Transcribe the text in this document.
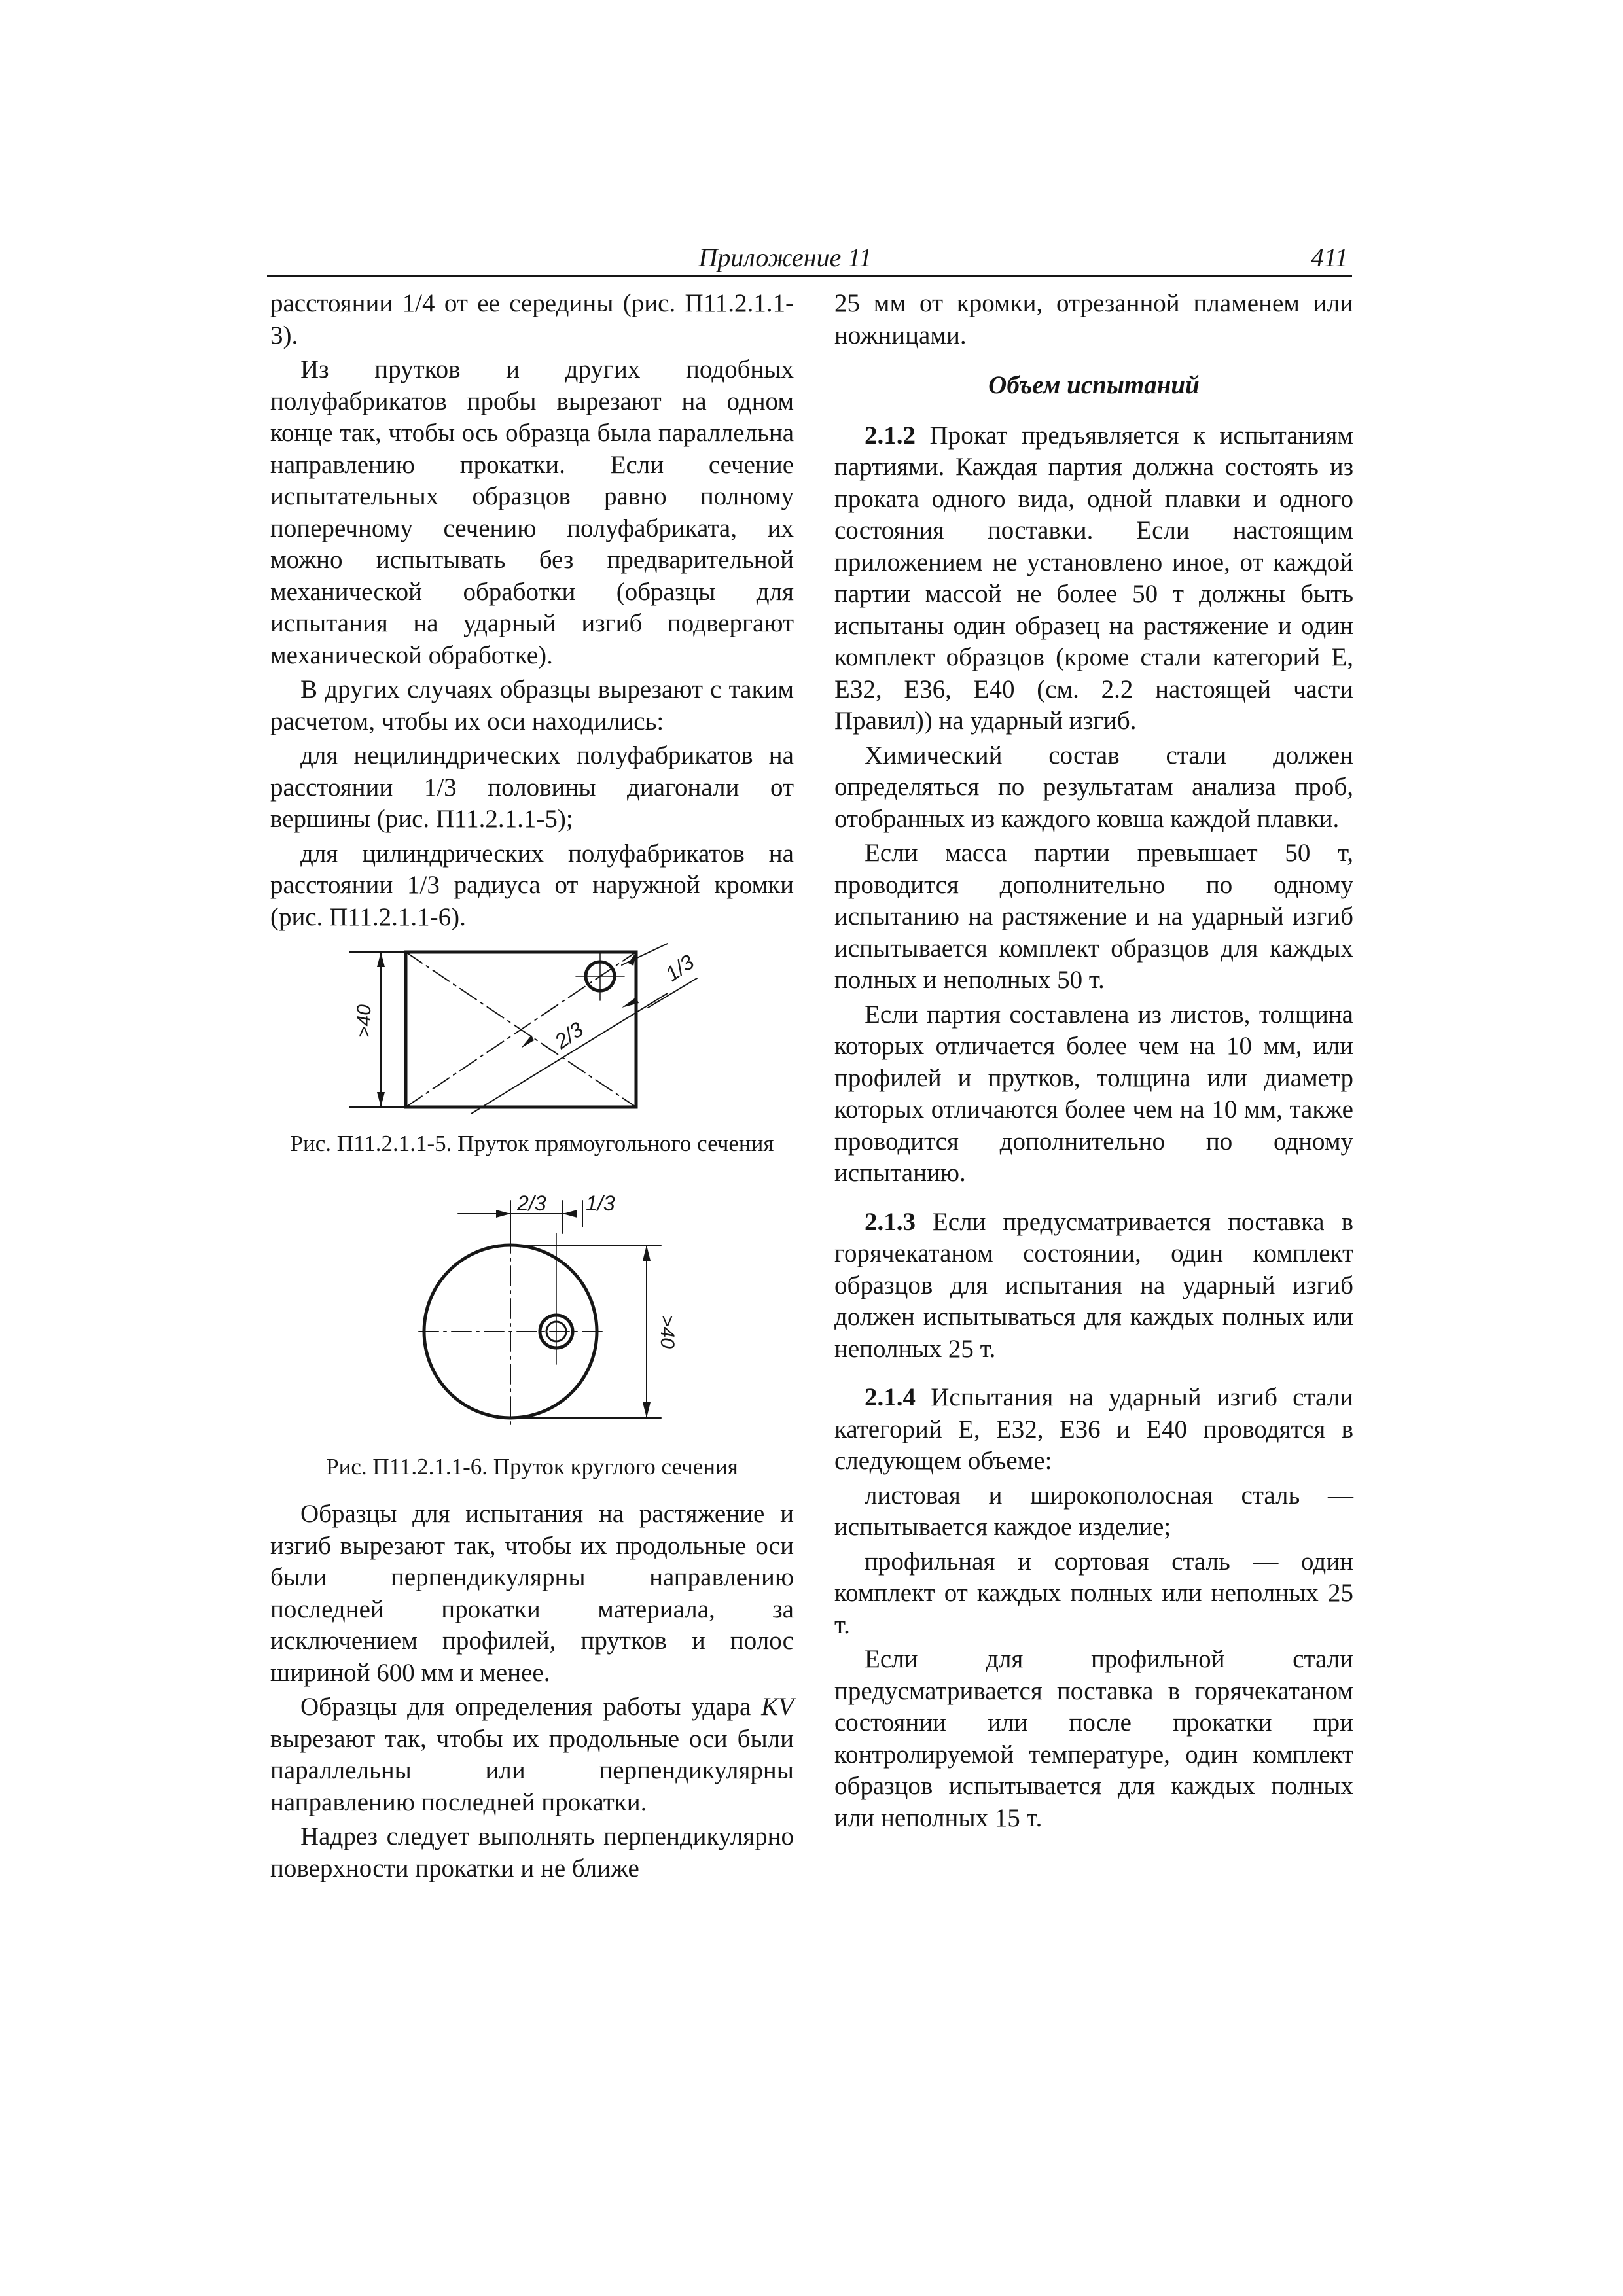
Приложение 11	411

расстоянии 1/4 от ее середины (рис. П11.2.1.1-3).

Из прутков и других подобных полуфабрикатов пробы вырезают на одном конце так, чтобы ось образца была параллельна направлению прокатки. Если сечение испытательных образцов равно полному поперечному сечению полуфабриката, их можно испытывать без предварительной механической обработки (образцы для испытания на ударный изгиб подвергают механической обработке).

В других случаях образцы вырезают с таким расчетом, чтобы их оси находились:

для нецилиндрических полуфабрикатов на расстоянии 1/3 половины диагонали от вершины (рис. П11.2.1.1-5);

для цилиндрических полуфабрикатов на расстоянии 1/3 радиуса от наружной кромки (рис. П11.2.1.1-6).

>40	2/3
1/3
Рис. П11.2.1.1-5. Пруток прямоугольного сечения
2/3 1/3
>40
Рис. П11.2.1.1-6. Пруток круглого сечения

Образцы для испытания на растяжение и изгиб вырезают так, чтобы их продольные оси были перпендикулярны направлению последней прокатки материала, за исключением профилей, прутков и полос шириной 600 мм и менее.

Образцы для определения работы удара KV вырезают так, чтобы их продольные оси были параллельны или перпендикулярны направлению последней прокатки.

Надрез следует выполнять перпендикулярно поверхности прокатки и не ближе

25 мм от кромки, отрезанной пламенем или ножницами.

Объем испытаний

2.1.2 Прокат предъявляется к испытаниям партиями. Каждая партия должна состоять из проката одного вида, одной плавки и одного состояния поставки. Если настоящим приложением не установлено иное, от каждой партии массой не более 50 т должны быть испытаны один образец на растяжение и один комплект образцов (кроме стали категорий Е, Е32, Е36, Е40 (см. 2.2 настоящей части Правил)) на ударный изгиб.

Химический состав стали должен определяться по результатам анализа проб, отобранных из каждого ковша каждой плавки.

Если масса партии превышает 50 т, проводится дополнительно по одному испытанию на растяжение и на ударный изгиб испытывается комплект образцов для каждых полных и неполных 50 т.

Если партия составлена из листов, толщина которых отличается более чем на 10 мм, или профилей и прутков, толщина или диаметр которых отличаются более чем на 10 мм, также проводится дополнительно по одному испытанию.

2.1.3 Если предусматривается поставка в горячекатаном состоянии, один комплект образцов для испытания на ударный изгиб должен испытываться для каждых полных или неполных 25 т.

2.1.4 Испытания на ударный изгиб стали категорий Е, Е32, Е36 и Е40 проводятся в следующем объеме:

листовая и широкополосная сталь — испытывается каждое изделие;

профильная и сортовая сталь — один комплект от каждых полных или неполных 25 т.

Если для профильной стали предусматривается поставка в горячекатаном состоянии или после прокатки при контролируемой температуре, один комплект образцов испытывается для каждых полных или неполных 15 т.
